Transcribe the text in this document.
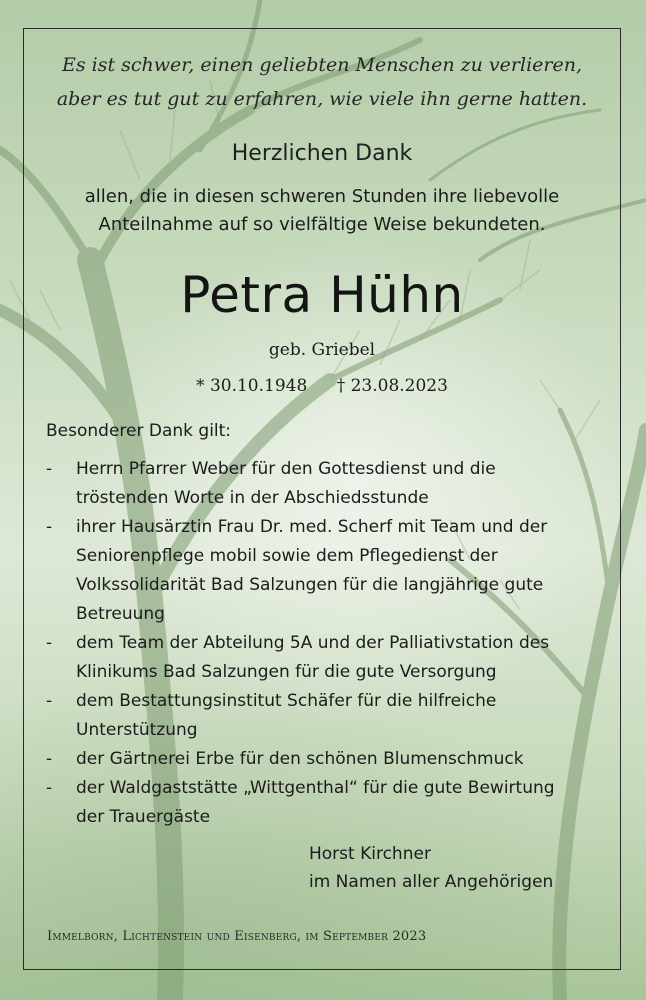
Es ist schwer, einen geliebten Menschen zu verlieren,
aber es tut gut zu erfahren, wie viele ihn gerne hatten.
Herzlichen Dank
allen, die in diesen schweren Stunden ihre liebevolle
Anteilnahme auf so vielfältige Weise bekundeten.
Petra Hühn
geb. Griebel
* 30.10.1948 † 23.08.2023
Besonderer Dank gilt:
- Herrn Pfarrer Weber für den Gottesdienst und die
tröstenden Worte in der Abschiedsstunde
- ihrer Hausärztin Frau Dr. med. Scherf mit Team und der
Seniorenpflege mobil sowie dem Pflegedienst der
Volkssolidarität Bad Salzungen für die langjährige gute
Betreuung
- dem Team der Abteilung 5A und der Palliativstation des
Klinikums Bad Salzungen für die gute Versorgung
- dem Bestattungsinstitut Schäfer für die hilfreiche
Unterstützung
- der Gärtnerei Erbe für den schönen Blumenschmuck
- der Waldgaststätte „Wittgenthal“ für die gute Bewirtung
der Trauergäste
Horst Kirchner
im Namen aller Angehörigen
Immelborn, Lichtenstein und Eisenberg, im September 2023
